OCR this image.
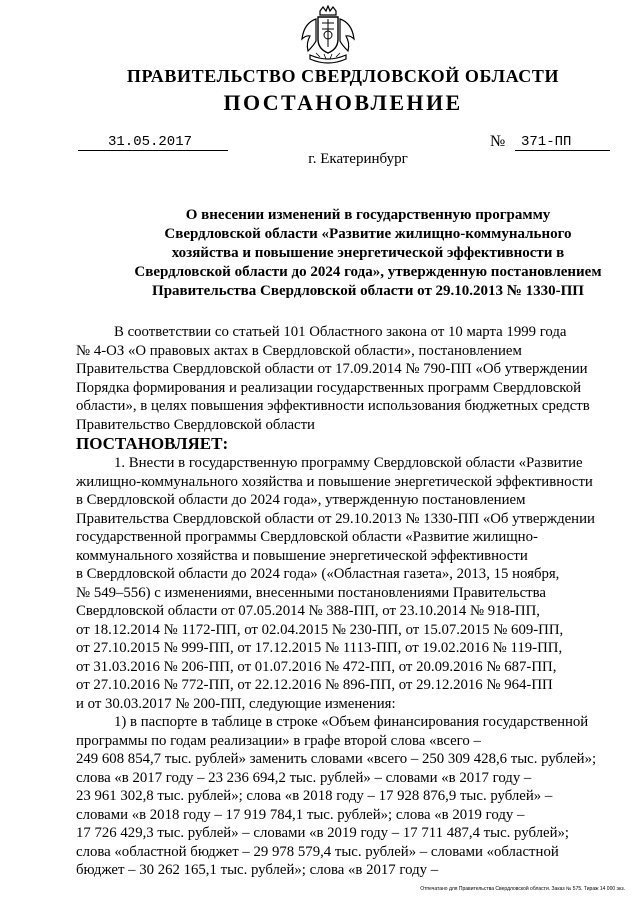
ПРАВИТЕЛЬСТВО СВЕРДЛОВСКОЙ ОБЛАСТИ
ПОСТАНОВЛЕНИЕ
31.05.2017	№	371-ПП
г. Екатеринбург
О внесении изменений в государственную программу
Свердловской области «Развитие жилищно-коммунального
хозяйства и повышение энергетической эффективности в
Свердловской области до 2024 года», утвержденную постановлением
Правительства Свердловской области от 29.10.2013 № 1330-ПП
В соответствии со статьей 101 Областного закона от 10 марта 1999 года
№ 4-ОЗ «О правовых актах в Свердловской области», постановлением
Правительства Свердловской области от 17.09.2014 № 790-ПП «Об утверждении
Порядка формирования и реализации государственных программ Свердловской
области», в целях повышения эффективности использования бюджетных средств
Правительство Свердловской области
ПОСТАНОВЛЯЕТ:
1. Внести в государственную программу Свердловской области «Развитие
жилищно-коммунального хозяйства и повышение энергетической эффективности
в Свердловской области до 2024 года», утвержденную постановлением
Правительства Свердловской области от 29.10.2013 № 1330-ПП «Об утверждении
государственной программы Свердловской области «Развитие жилищно-
коммунального хозяйства и повышение энергетической эффективности
в Свердловской области до 2024 года» («Областная газета», 2013, 15 ноября,
№ 549–556) с изменениями, внесенными постановлениями Правительства
Свердловской области от 07.05.2014 № 388-ПП, от 23.10.2014 № 918-ПП,
от 18.12.2014 № 1172-ПП, от 02.04.2015 № 230-ПП, от 15.07.2015 № 609-ПП,
от 27.10.2015 № 999-ПП, от 17.12.2015 № 1113-ПП, от 19.02.2016 № 119-ПП,
от 31.03.2016 № 206-ПП, от 01.07.2016 № 472-ПП, от 20.09.2016 № 687-ПП,
от 27.10.2016 № 772-ПП, от 22.12.2016 № 896-ПП, от 29.12.2016 № 964-ПП
и от 30.03.2017 № 200-ПП, следующие изменения:
1) в паспорте в таблице в строке «Объем финансирования государственной
программы по годам реализации» в графе второй слова «всего –
249 608 854,7 тыс. рублей» заменить словами «всего – 250 309 428,6 тыс. рублей»;
слова «в 2017 году – 23 236 694,2 тыс. рублей» – словами «в 2017 году –
23 961 302,8 тыс. рублей»; слова «в 2018 году – 17 928 876,9 тыс. рублей» –
словами «в 2018 году – 17 919 784,1 тыс. рублей»; слова «в 2019 году –
17 726 429,3 тыс. рублей» – словами «в 2019 году – 17 711 487,4 тыс. рублей»;
слова «областной бюджет – 29 978 579,4 тыс. рублей» – словами «областной
бюджет – 30 262 165,1 тыс. рублей»; слова «в 2017 году –
Отпечатано для Правительства Свердловской области. Заказ № 575. Тираж 14 000 экз.
